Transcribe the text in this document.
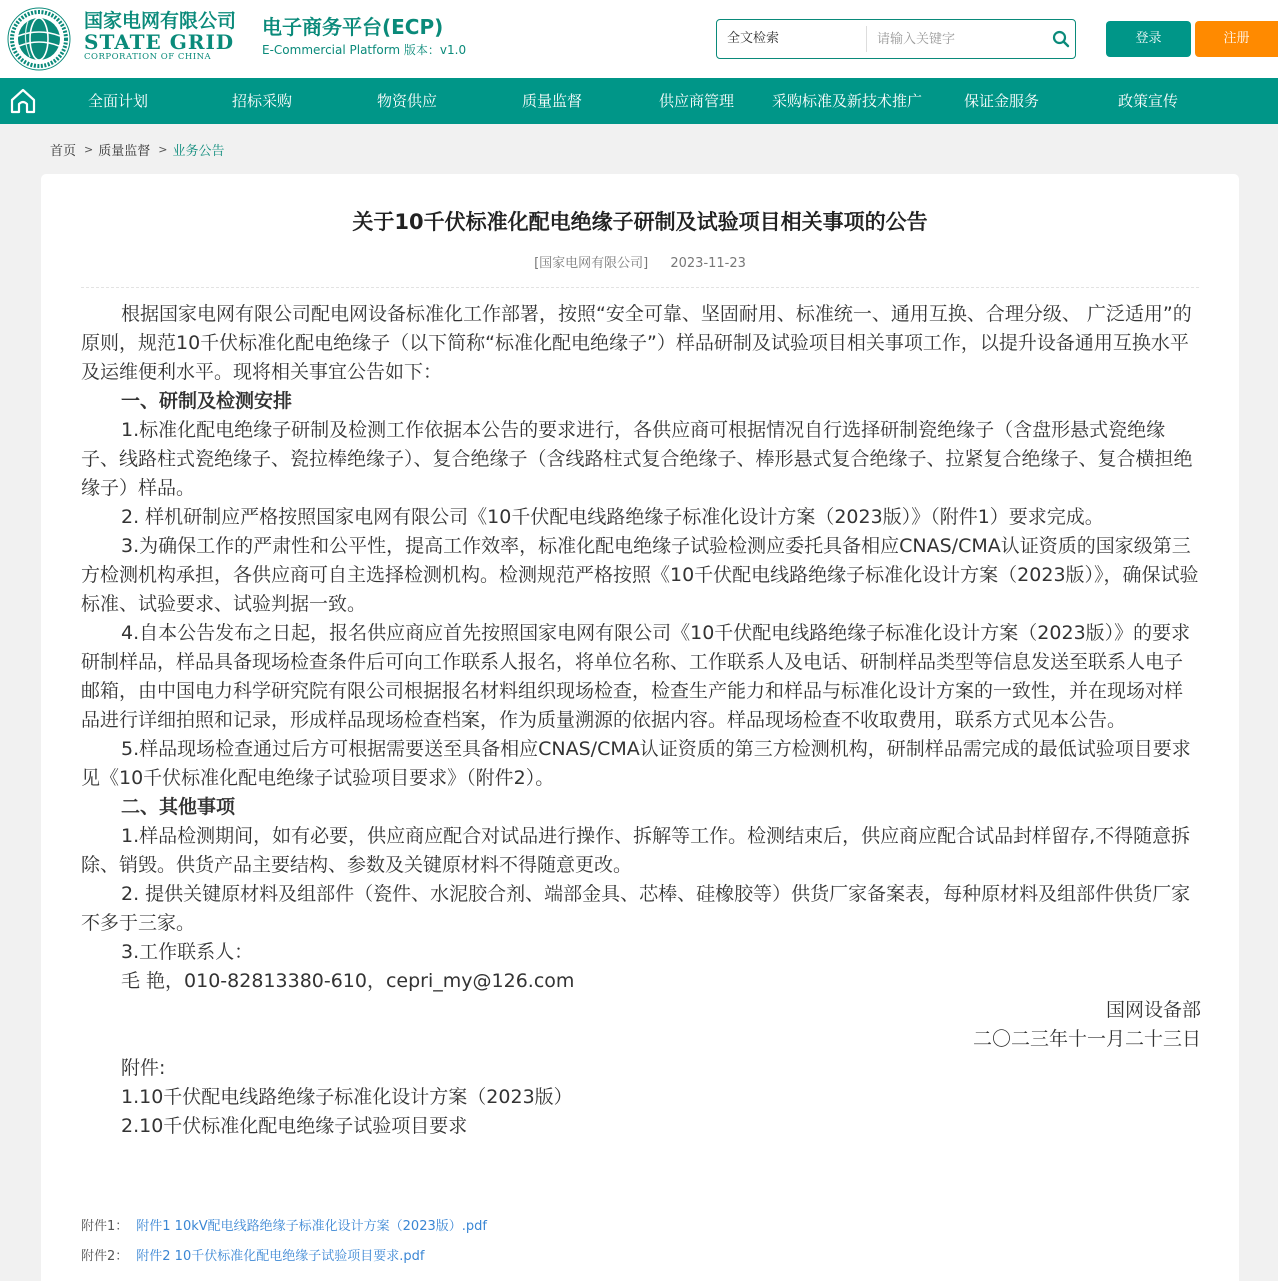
国家电网有限公司
STATE GRID
CORPORATION OF CHINA
电子商务平台(ECP)
E-Commercial Platform 版本：v1.0
全文检索
请输入关键字	登录	注册
全面计划	招标采购	物资供应	质量监督	供应商管理	采购标准及新技术推广	保证金服务	政策宣传
首页 > 质量监督 > 业务公告
关于10千伏标准化配电绝缘子研制及试验项目相关事项的公告
[国家电网有限公司] 2023-11-23

根据国家电网有限公司配电网设备标准化工作部署，按照“安全可靠、坚固耐用、标准统一、通用互换、合理分级、 广泛适用”的原则，规范10千伏标准化配电绝缘子（以下简称“标准化配电绝缘子”）样品研制及试验项目相关事项工作，以提升设备通用互换水平及运维便利水平。现将相关事宜公告如下：

一、研制及检测安排

1.标准化配电绝缘子研制及检测工作依据本公告的要求进行，各供应商可根据情况自行选择研制瓷绝缘子（含盘形悬式瓷绝缘子、线路柱式瓷绝缘子、瓷拉棒绝缘子）、复合绝缘子（含线路柱式复合绝缘子、棒形悬式复合绝缘子、拉紧复合绝缘子、复合横担绝缘子）样品。

2. 样机研制应严格按照国家电网有限公司《10千伏配电线路绝缘子标准化设计方案（2023版）》（附件1）要求完成。

3.为确保工作的严肃性和公平性，提高工作效率，标准化配电绝缘子试验检测应委托具备相应CNAS/CMA认证资质的国家级第三方检测机构承担，各供应商可自主选择检测机构。检测规范严格按照《10千伏配电线路绝缘子标准化设计方案（2023版）》，确保试验标准、试验要求、试验判据一致。

4.自本公告发布之日起，报名供应商应首先按照国家电网有限公司《10千伏配电线路绝缘子标准化设计方案（2023版）》的要求研制样品，样品具备现场检查条件后可向工作联系人报名，将单位名称、工作联系人及电话、研制样品类型等信息发送至联系人电子邮箱，由中国电力科学研究院有限公司根据报名材料组织现场检查，检查生产能力和样品与标准化设计方案的一致性，并在现场对样品进行详细拍照和记录，形成样品现场检查档案，作为质量溯源的依据内容。样品现场检查不收取费用，联系方式见本公告。

5.样品现场检查通过后方可根据需要送至具备相应CNAS/CMA认证资质的第三方检测机构，研制样品需完成的最低试验项目要求见《10千伏标准化配电绝缘子试验项目要求》（附件2）。

二、其他事项

1.样品检测期间，如有必要，供应商应配合对试品进行操作、拆解等工作。检测结束后，供应商应配合试品封样留存,不得随意拆除、销毁。供货产品主要结构、参数及关键原材料不得随意更改。

2. 提供关键原材料及组部件（瓷件、水泥胶合剂、端部金具、芯棒、硅橡胶等）供货厂家备案表，每种原材料及组部件供货厂家不多于三家。

3.工作联系人：

毛 艳，010-82813380-610，cepri_my@126.com

国网设备部

二〇二三年十一月二十三日

附件:

1.10千伏配电线路绝缘子标准化设计方案（2023版）

2.10千伏标准化配电绝缘子试验项目要求

附件1： 附件1 10kV配电线路绝缘子标准化设计方案（2023版）.pdf
附件2： 附件2 10千伏标准化配电绝缘子试验项目要求.pdf
